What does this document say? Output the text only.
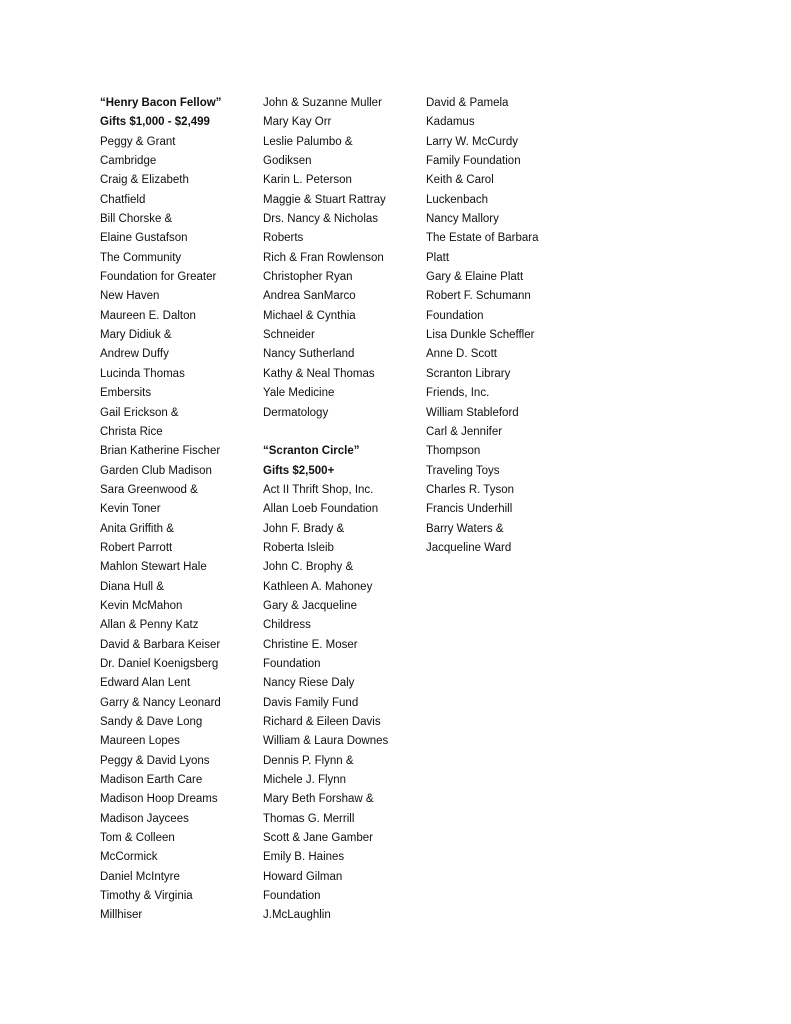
“Henry Bacon Fellow”
Gifts $1,000 - $2,499
Peggy & Grant
Cambridge
Craig & Elizabeth
Chatfield
Bill Chorske &
Elaine Gustafson
The Community
Foundation for Greater
New Haven
Maureen E. Dalton
Mary Didiuk &
Andrew Duffy
Lucinda Thomas
Embersits
Gail Erickson &
Christa Rice
Brian Katherine Fischer
Garden Club Madison
Sara Greenwood &
Kevin Toner
Anita Griffith &
Robert Parrott
Mahlon Stewart Hale
Diana Hull &
Kevin McMahon
Allan & Penny Katz
David & Barbara Keiser
Dr. Daniel Koenigsberg
Edward Alan Lent
Garry & Nancy Leonard
Sandy & Dave Long
Maureen Lopes
Peggy & David Lyons
Madison Earth Care
Madison Hoop Dreams
Madison Jaycees
Tom & Colleen
McCormick
Daniel McIntyre
Timothy & Virginia
Millhiser
John & Suzanne Muller
Mary Kay Orr
Leslie Palumbo &
Godiksen
Karin L. Peterson
Maggie & Stuart Rattray
Drs. Nancy & Nicholas
Roberts
Rich & Fran Rowlenson
Christopher Ryan
Andrea SanMarco
Michael & Cynthia
Schneider
Nancy Sutherland
Kathy & Neal Thomas
Yale Medicine
Dermatology
“Scranton Circle”
Gifts $2,500+
Act II Thrift Shop, Inc.
Allan Loeb Foundation
John F. Brady &
Roberta Isleib
John C. Brophy &
Kathleen A. Mahoney
Gary & Jacqueline
Childress
Christine E. Moser
Foundation
Nancy Riese Daly
Davis Family Fund
Richard & Eileen Davis
William & Laura Downes
Dennis P. Flynn &
Michele J. Flynn
Mary Beth Forshaw &
Thomas G. Merrill
Scott & Jane Gamber
Emily B. Haines
Howard Gilman
Foundation
J.McLaughlin
David & Pamela
Kadamus
Larry W. McCurdy
Family Foundation
Keith & Carol
Luckenbach
Nancy Mallory
The Estate of Barbara
Platt
Gary & Elaine Platt
Robert F. Schumann
Foundation
Lisa Dunkle Scheffler
Anne D. Scott
Scranton Library
Friends, Inc.
William Stableford
Carl & Jennifer
Thompson
Traveling Toys
Charles R. Tyson
Francis Underhill
Barry Waters &
Jacqueline Ward
